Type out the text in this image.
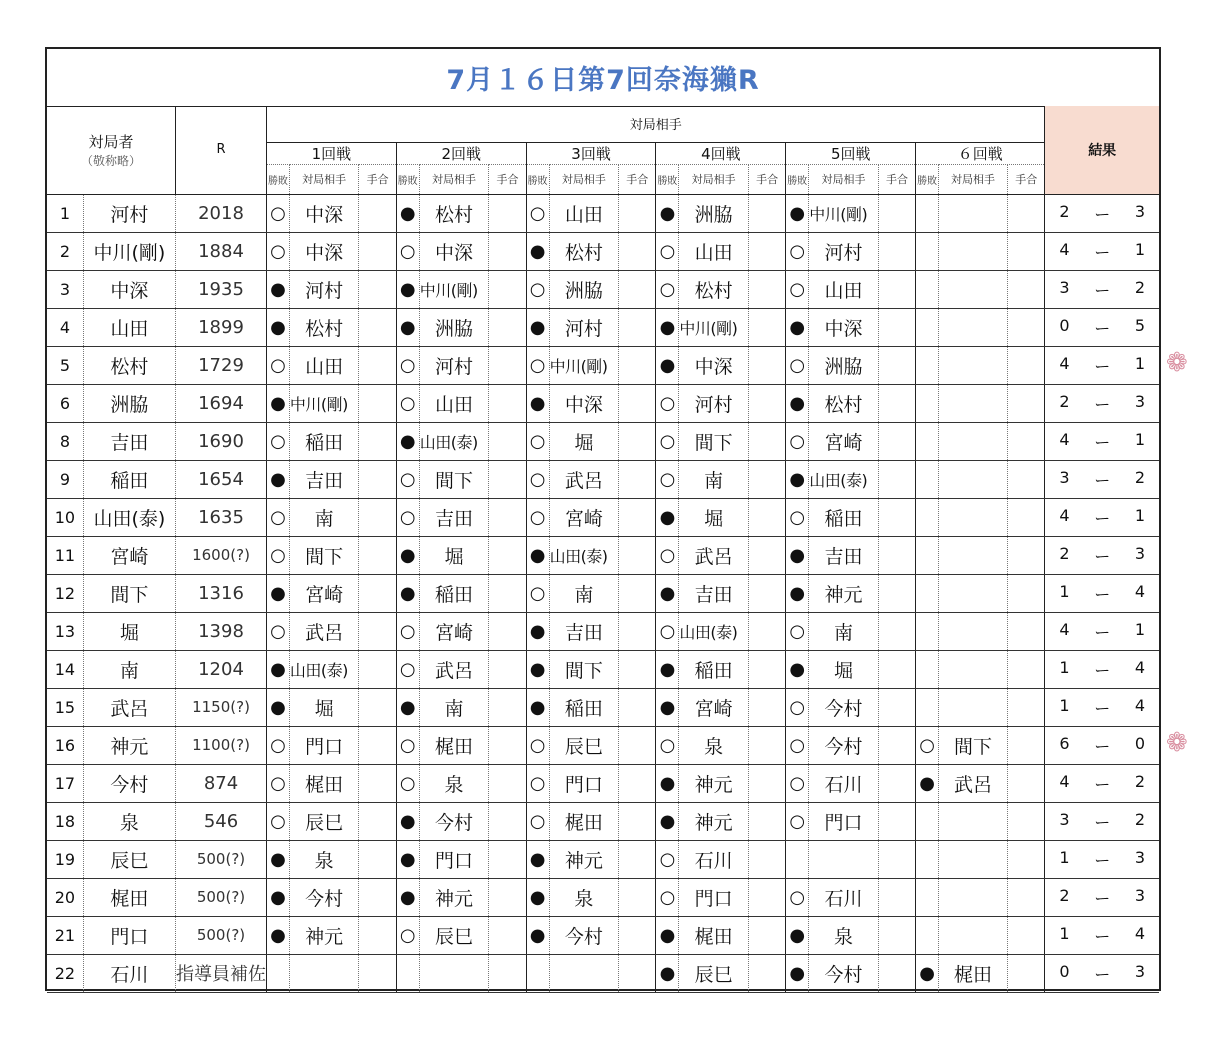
7月１６日第7回奈海獺R
対局者
（敬称略）		R	対局相手																		結果
			1回戦			2回戦			3回戦			4回戦			5回戦			６回戦			
			勝敗	対局相手	手合	勝敗	対局相手	手合	勝敗	対局相手	手合	勝敗	対局相手	手合	勝敗	対局相手	手合	勝敗	対局相手	手合	
1	河村	2018	○	中深		●	松村		○	山田		●	洲脇		●	中川(剛)					2 ー 3

2	中川(剛)	1884	○	中深		○	中深		●	松村		○	山田		○	河村					4 ー 1

3	中深	1935	●	河村		●	中川(剛)		○	洲脇		○	松村		○	山田					3 ー 2

4	山田	1899	●	松村		●	洲脇		●	河村		●	中川(剛)		●	中深					0 ー 5

5	松村	1729	○	山田		○	河村		○	中川(剛)		●	中深		○	洲脇					4 ー 1

6	洲脇	1694	●	中川(剛)		○	山田		●	中深		○	河村		●	松村					2 ー 3

8	吉田	1690	○	稲田		●	山田(泰)		○	堀		○	間下		○	宮崎					4 ー 1

9	稲田	1654	●	吉田		○	間下		○	武呂		○	南		●	山田(泰)					3 ー 2

10	山田(泰)	1635	○	南		○	吉田		○	宮崎		●	堀		○	稲田					4 ー 1

11	宮崎	1600(?)	○	間下		●	堀		●	山田(泰)		○	武呂		●	吉田					2 ー 3

12	間下	1316	●	宮崎		●	稲田		○	南		●	吉田		●	神元					1 ー 4

13	堀	1398	○	武呂		○	宮崎		●	吉田		○	山田(泰)		○	南					4 ー 1

14	南	1204	●	山田(泰)		○	武呂		●	間下		●	稲田		●	堀					1 ー 4

15	武呂	1150(?)	●	堀		●	南		●	稲田		●	宮崎		○	今村					1 ー 4

16	神元	1100(?)	○	門口		○	梶田		○	辰巳		○	泉		○	今村		○	間下		6 ー 0

17	今村	874	○	梶田		○	泉		○	門口		●	神元		○	石川		●	武呂		4 ー 2

18	泉	546	○	辰巳		●	今村		○	梶田		●	神元		○	門口					3 ー 2

19	辰巳	500(?)	●	泉		●	門口		●	神元		○	石川								1 ー 3

20	梶田	500(?)	●	今村		●	神元		●	泉		○	門口		○	石川					2 ー 3

21	門口	500(?)	●	神元		○	辰巳		●	今村		●	梶田		●	泉					1 ー 4

22	石川	指導員補佐										●	辰巳		●	今村		●	梶田		0 ー 3
❁
❁
